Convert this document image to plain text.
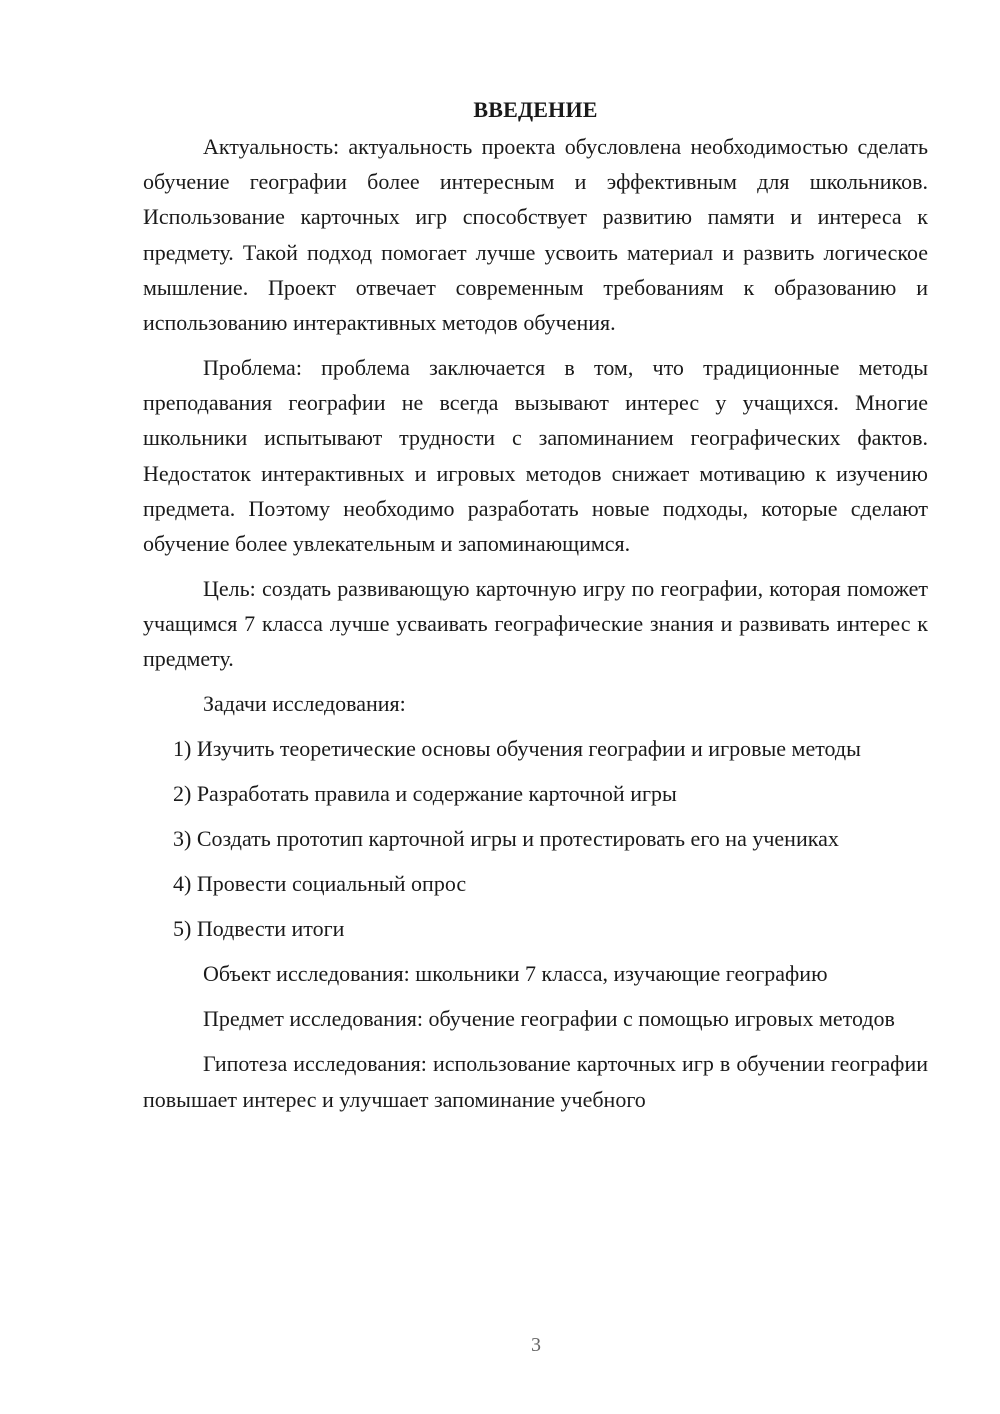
ВВЕДЕНИЕ

Актуальность: актуальность проекта обусловлена необходимостью сделать обучение географии более интересным и эффективным для школьников. Использование карточных игр способствует развитию памяти и интереса к предмету. Такой подход помогает лучше усвоить материал и развить логическое мышление. Проект отвечает современным требованиям к образованию и использованию интерактивных методов обучения.

Проблема: проблема заключается в том, что традиционные методы преподавания географии не всегда вызывают интерес у учащихся. Многие школьники испытывают трудности с запоминанием географических фактов. Недостаток интерактивных и игровых методов снижает мотивацию к изучению предмета. Поэтому необходимо разработать новые подходы, которые сделают обучение более увлекательным и запоминающимся.

Цель: создать развивающую карточную игру по географии, которая поможет учащимся 7 класса лучше усваивать географические знания и развивать интерес к предмету.

Задачи исследования:

1) Изучить теоретические основы обучения географии и игровые методы

2) Разработать правила и содержание карточной игры

3) Создать прототип карточной игры и протестировать его на учениках

4) Провести социальный опрос

5) Подвести итоги

Объект исследования: школьники 7 класса, изучающие географию

Предмет исследования: обучение географии с помощью игровых методов

Гипотеза исследования: использование карточных игр в обучении географии повышает интерес и улучшает запоминание учебного

3
